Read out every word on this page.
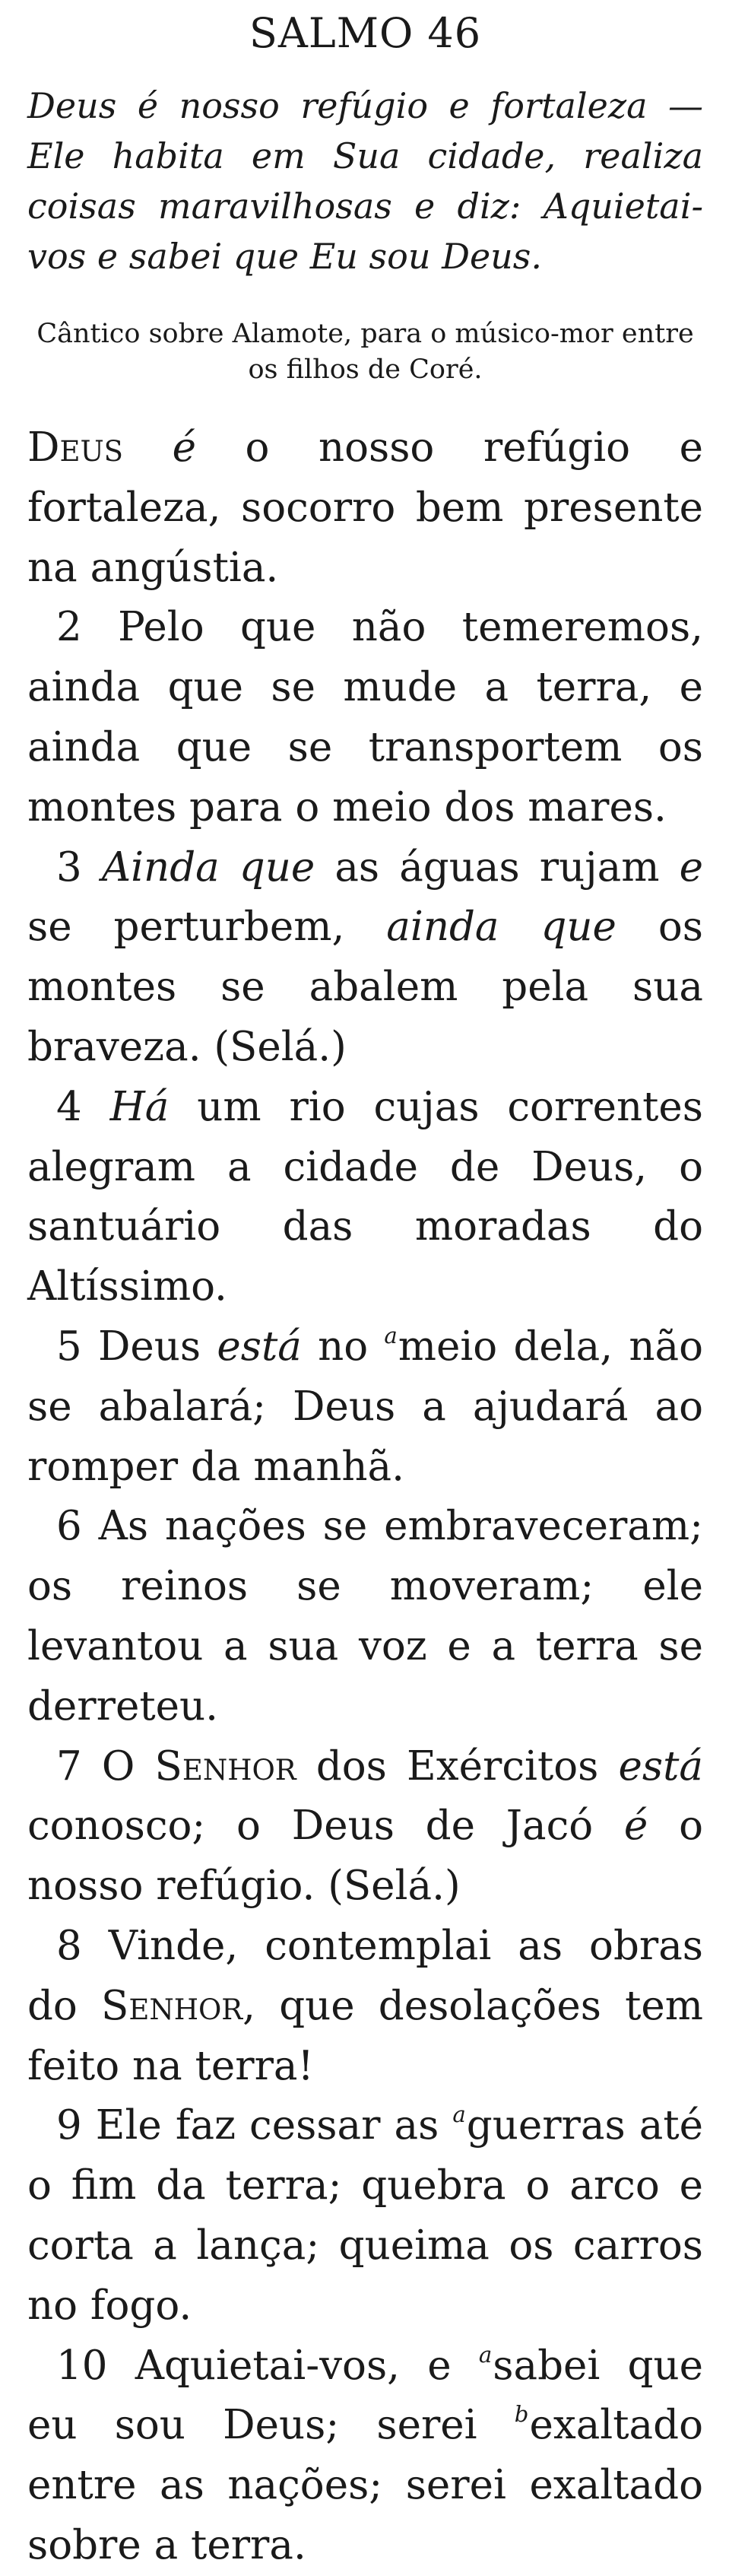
SALMO 46

Deus é nosso refúgio e fortaleza — Ele habita em Sua cidade, realiza coisas maravilhosas e diz: Aquietai-vos e sabei que Eu sou Deus.

Cântico sobre Alamote, para o músico-mor entre os filhos de Coré.

Deus é o nosso refúgio e fortaleza, socorro bem presente na angústia.

2 Pelo que não temeremos, ainda que se mude a terra, e ainda que se transportem os montes para o meio dos mares.

3 Ainda que as águas rujam e se perturbem, ainda que os montes se abalem pela sua braveza. (Selá.)

4 Há um rio cujas correntes alegram a cidade de Deus, o santuário das moradas do Altíssimo.

5 Deus está no $^a$meio dela, não se abalará; Deus a ajudará ao romper da manhã.

6 As nações se embraveceram; os reinos se moveram; ele levantou a sua voz e a terra se derreteu.

7 O Senhor dos Exércitos está conosco; o Deus de Jacó é o nosso refúgio. (Selá.)

8 Vinde, contemplai as obras do Senhor, que desolações tem feito na terra!

9 Ele faz cessar as $^a$guerras até o fim da terra; quebra o arco e corta a lança; queima os carros no fogo.

10 Aquietai-vos, e $^a$sabei que eu sou Deus; serei $^b$exaltado entre as nações; serei exaltado sobre a terra.
